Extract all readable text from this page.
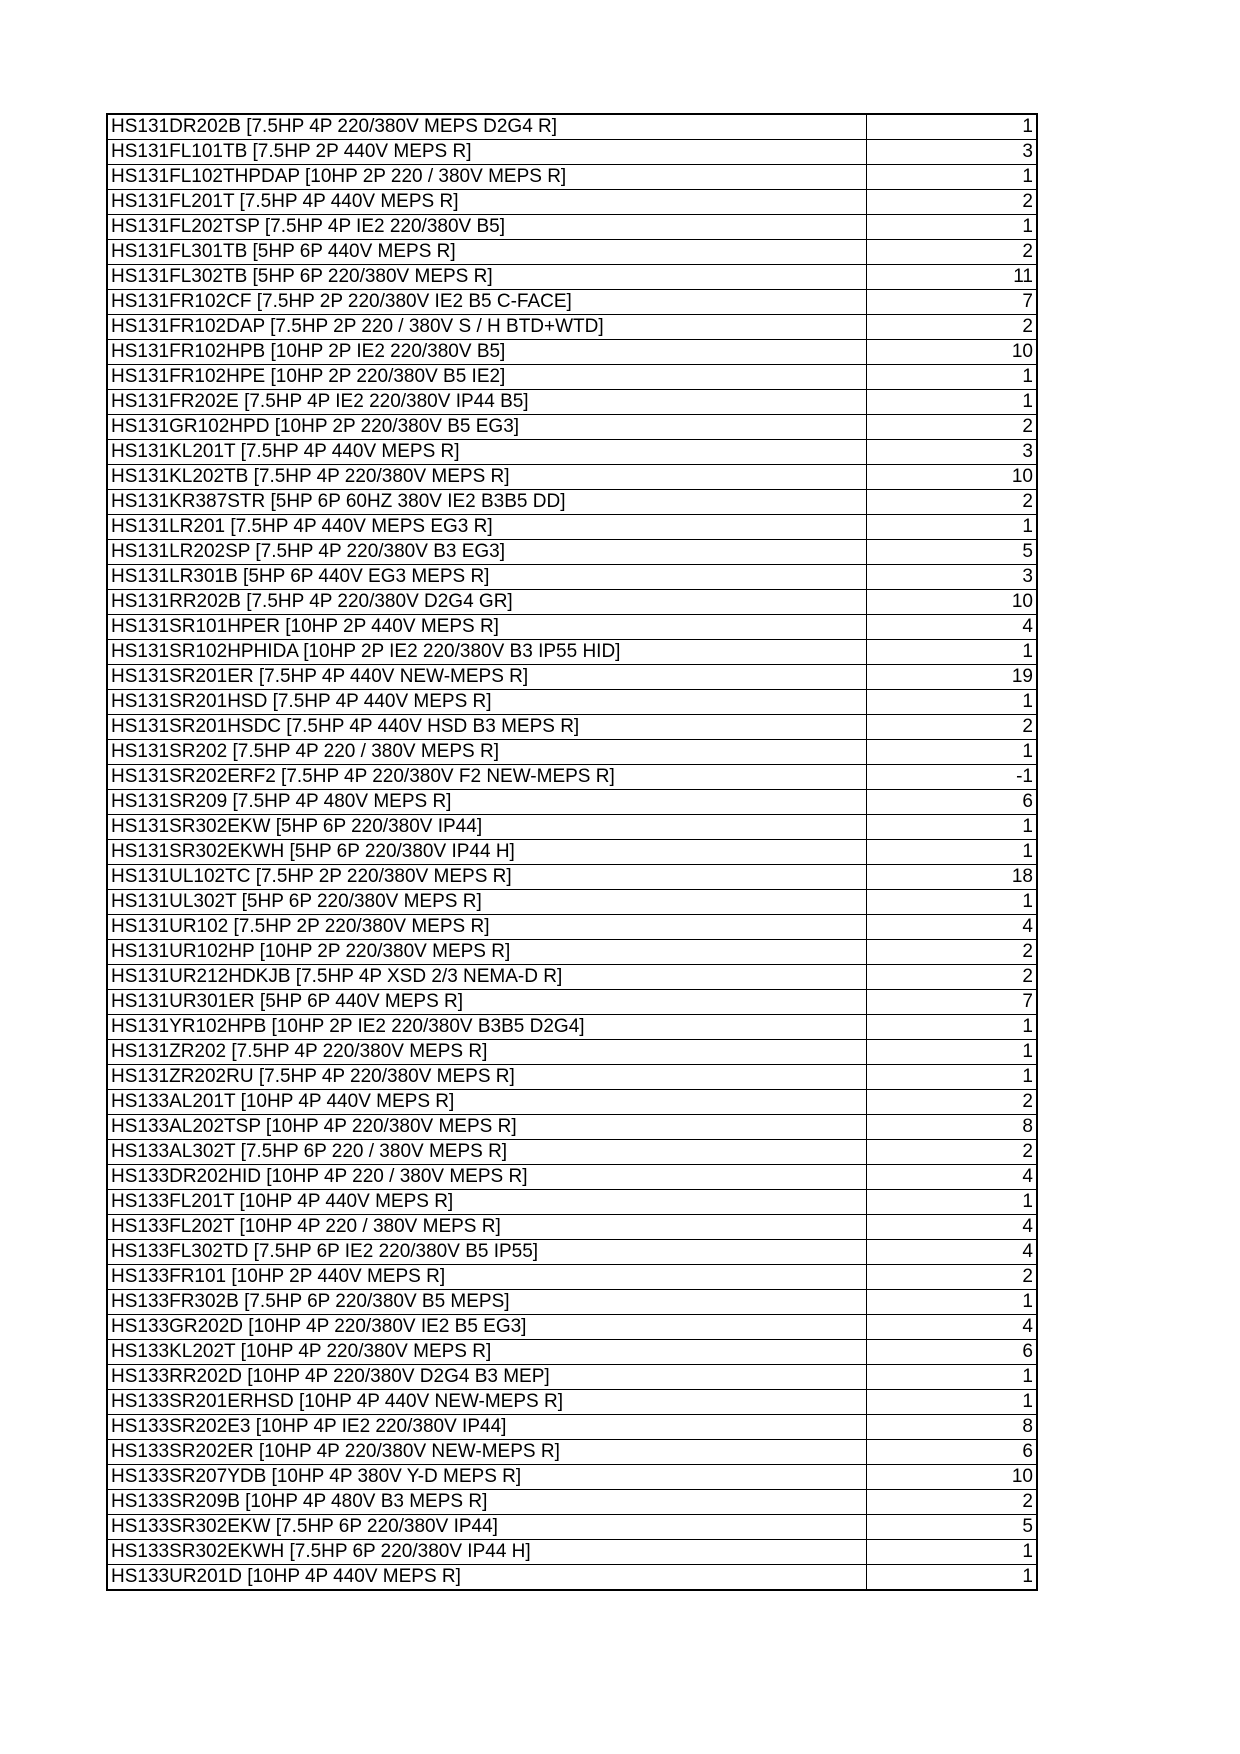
HS131DR202B [7.5HP 4P 220/380V MEPS D2G4 R]	1
HS131FL101TB [7.5HP 2P 440V MEPS R]	3
HS131FL102THPDAP [10HP 2P 220 / 380V MEPS R]	1
HS131FL201T [7.5HP 4P 440V MEPS R]	2
HS131FL202TSP [7.5HP 4P IE2 220/380V B5]	1
HS131FL301TB [5HP 6P 440V MEPS R]	2
HS131FL302TB [5HP 6P 220/380V MEPS R]	11
HS131FR102CF [7.5HP 2P 220/380V IE2 B5 C-FACE]	7
HS131FR102DAP [7.5HP 2P 220 / 380V S / H BTD+WTD]	2
HS131FR102HPB [10HP 2P IE2 220/380V B5]	10
HS131FR102HPE [10HP 2P 220/380V B5 IE2]	1
HS131FR202E [7.5HP 4P IE2 220/380V IP44 B5]	1
HS131GR102HPD [10HP 2P 220/380V B5 EG3]	2
HS131KL201T [7.5HP 4P 440V MEPS R]	3
HS131KL202TB [7.5HP 4P 220/380V MEPS R]	10
HS131KR387STR [5HP 6P 60HZ 380V IE2 B3B5 DD]	2
HS131LR201 [7.5HP 4P 440V MEPS EG3 R]	1
HS131LR202SP [7.5HP 4P 220/380V B3 EG3]	5
HS131LR301B [5HP 6P 440V EG3 MEPS R]	3
HS131RR202B [7.5HP 4P 220/380V D2G4 GR]	10
HS131SR101HPER [10HP 2P 440V MEPS R]	4
HS131SR102HPHIDA [10HP 2P IE2 220/380V B3 IP55 HID]	1
HS131SR201ER [7.5HP 4P 440V NEW-MEPS R]	19
HS131SR201HSD [7.5HP 4P 440V MEPS R]	1
HS131SR201HSDC [7.5HP 4P 440V HSD B3 MEPS R]	2
HS131SR202 [7.5HP 4P 220 / 380V MEPS R]	1
HS131SR202ERF2 [7.5HP 4P 220/380V F2 NEW-MEPS R]	-1
HS131SR209 [7.5HP 4P 480V MEPS R]	6
HS131SR302EKW [5HP 6P 220/380V IP44]	1
HS131SR302EKWH [5HP 6P 220/380V IP44 H]	1
HS131UL102TC [7.5HP 2P 220/380V MEPS R]	18
HS131UL302T [5HP 6P 220/380V MEPS R]	1
HS131UR102 [7.5HP 2P 220/380V MEPS R]	4
HS131UR102HP [10HP 2P 220/380V MEPS R]	2
HS131UR212HDKJB [7.5HP 4P XSD 2/3 NEMA-D R]	2
HS131UR301ER [5HP 6P 440V MEPS R]	7
HS131YR102HPB [10HP 2P IE2 220/380V B3B5 D2G4]	1
HS131ZR202 [7.5HP 4P 220/380V MEPS R]	1
HS131ZR202RU [7.5HP 4P 220/380V MEPS R]	1
HS133AL201T [10HP 4P 440V MEPS R]	2
HS133AL202TSP [10HP 4P 220/380V MEPS R]	8
HS133AL302T [7.5HP 6P 220 / 380V MEPS R]	2
HS133DR202HID [10HP 4P 220 / 380V MEPS R]	4
HS133FL201T [10HP 4P 440V MEPS R]	1
HS133FL202T [10HP 4P 220 / 380V MEPS R]	4
HS133FL302TD [7.5HP 6P IE2 220/380V B5 IP55]	4
HS133FR101 [10HP 2P 440V MEPS R]	2
HS133FR302B [7.5HP 6P 220/380V B5 MEPS]	1
HS133GR202D [10HP 4P 220/380V IE2 B5 EG3]	4
HS133KL202T [10HP 4P 220/380V MEPS R]	6
HS133RR202D [10HP 4P 220/380V D2G4 B3 MEP]	1
HS133SR201ERHSD [10HP 4P 440V NEW-MEPS R]	1
HS133SR202E3 [10HP 4P IE2 220/380V IP44]	8
HS133SR202ER [10HP 4P 220/380V NEW-MEPS R]	6
HS133SR207YDB [10HP 4P 380V Y-D MEPS R]	10
HS133SR209B [10HP 4P 480V B3 MEPS R]	2
HS133SR302EKW [7.5HP 6P 220/380V IP44]	5
HS133SR302EKWH [7.5HP 6P 220/380V IP44 H]	1
HS133UR201D [10HP 4P 440V MEPS R]	1
